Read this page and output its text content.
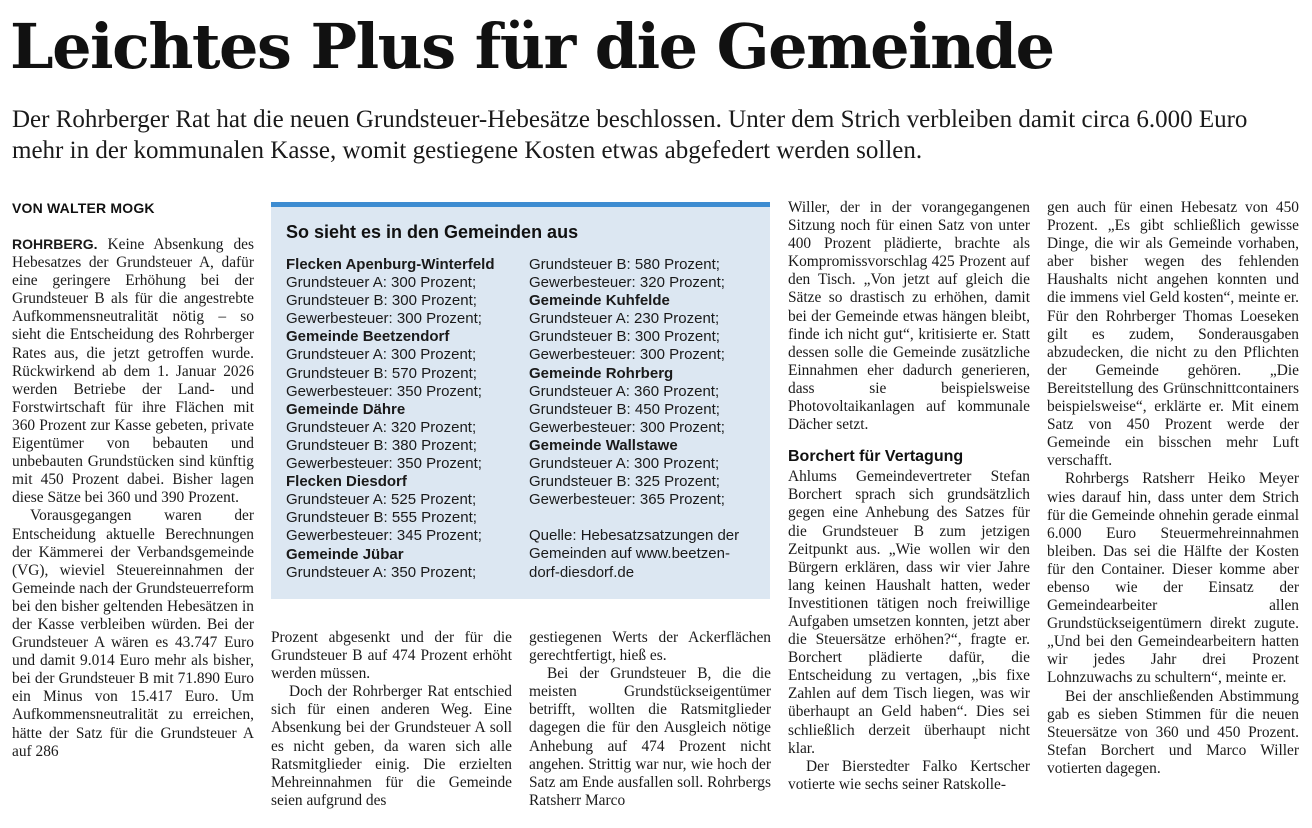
Leichtes Plus für die Gemeinde

Der Rohrberger Rat hat die neuen Grundsteuer-Hebesätze beschlossen. Unter dem Strich verbleiben damit circa 6.000 Euro mehr in der kommunalen Kasse, womit gestiegene Kosten etwas abgefedert werden sollen.

VON WALTER MOGK

ROHRBERG. Keine Absenkung des Hebesatzes der Grundsteuer A, dafür eine geringere Erhöhung bei der Grundsteuer B als für die angestrebte Aufkommensneutralität nötig – so sieht die Entscheidung des Rohrberger Rates aus, die jetzt getroffen wurde. Rückwirkend ab dem 1. Januar 2026 werden Betriebe der Land- und Forstwirtschaft für ihre Flächen mit 360 Prozent zur Kasse gebeten, private Eigentümer von bebauten und unbebauten Grundstücken sind künftig mit 450 Prozent dabei. Bisher lagen diese Sätze bei 360 und 390 Prozent.

Vorausgegangen waren der Entscheidung aktuelle Berechnungen der Kämmerei der Verbandsgemeinde (VG), wieviel Steuereinnahmen der Gemeinde nach der Grundsteuerreform bei den bisher geltenden Hebesätzen in der Kasse verbleiben würden. Bei der Grundsteuer A wären es 43.747 Euro und damit 9.014 Euro mehr als bisher, bei der Grundsteuer B mit 71.890 Euro ein Minus von 15.417 Euro. Um Aufkommensneutralität zu erreichen, hätte der Satz für die Grundsteuer A auf 286

So sieht es in den Gemeinden aus
Flecken Apenburg-Winterfeld
Grundsteuer A: 300 Prozent;
Grundsteuer B: 300 Prozent;
Gewerbesteuer: 300 Prozent;
Gemeinde Beetzendorf
Grundsteuer A: 300 Prozent;
Grundsteuer B: 570 Prozent;
Gewerbesteuer: 350 Prozent;
Gemeinde Dähre
Grundsteuer A: 320 Prozent;
Grundsteuer B: 380 Prozent;
Gewerbesteuer: 350 Prozent;
Flecken Diesdorf
Grundsteuer A: 525 Prozent;
Grundsteuer B: 555 Prozent;
Gewerbesteuer: 345 Prozent;
Gemeinde Jübar
Grundsteuer A: 350 Prozent;
Grundsteuer B: 580 Prozent;
Gewerbesteuer: 320 Prozent;
Gemeinde Kuhfelde
Grundsteuer A: 230 Prozent;
Grundsteuer B: 300 Prozent;
Gewerbesteuer: 300 Prozent;
Gemeinde Rohrberg
Grundsteuer A: 360 Prozent;
Grundsteuer B: 450 Prozent;
Gewerbesteuer: 300 Prozent;
Gemeinde Wallstawe
Grundsteuer A: 300 Prozent;
Grundsteuer B: 325 Prozent;
Gewerbesteuer: 365 Prozent;
Quelle: Hebesatzsatzungen der
Gemeinden auf www.beetzen-
dorf-diesdorf.de

Prozent abgesenkt und der für die Grundsteuer B auf 474 Prozent erhöht werden müssen.

Doch der Rohrberger Rat entschied sich für einen anderen Weg. Eine Absenkung bei der Grundsteuer A soll es nicht geben, da waren sich alle Ratsmitglieder einig. Die erzielten Mehreinnahmen für die Gemeinde seien aufgrund des

gestiegenen Werts der Ackerflächen gerechtfertigt, hieß es.

Bei der Grundsteuer B, die die meisten Grundstückseigentümer betrifft, wollten die Ratsmitglieder dagegen die für den Ausgleich nötige Anhebung auf 474 Prozent nicht angehen. Strittig war nur, wie hoch der Satz am Ende ausfallen soll. Rohrbergs Ratsherr Marco

Willer, der in der vorangegangenen Sitzung noch für einen Satz von unter 400 Prozent plädierte, brachte als Kompromissvorschlag 425 Prozent auf den Tisch. „Von jetzt auf gleich die Sätze so drastisch zu erhöhen, damit bei der Gemeinde etwas hängen bleibt, finde ich nicht gut“, kritisierte er. Statt dessen solle die Gemeinde zusätzliche Einnahmen eher dadurch generieren, dass sie beispielsweise Photovoltaikanlagen auf kommunale Dächer setzt.

Borchert für Vertagung

Ahlums Gemeindevertreter Stefan Borchert sprach sich grundsätzlich gegen eine Anhebung des Satzes für die Grundsteuer B zum jetzigen Zeitpunkt aus. „Wie wollen wir den Bürgern erklären, dass wir vier Jahre lang keinen Haushalt hatten, weder Investitionen tätigen noch freiwillige Aufgaben umsetzen konnten, jetzt aber die Steuersätze erhöhen?“, fragte er. Borchert plädierte dafür, die Entscheidung zu vertagen, „bis fixe Zahlen auf dem Tisch liegen, was wir überhaupt an Geld haben“. Dies sei schließlich derzeit überhaupt nicht klar.

Der Bierstedter Falko Kertscher votierte wie sechs seiner Ratskolle-

gen auch für einen Hebesatz von 450 Prozent. „Es gibt schließlich gewisse Dinge, die wir als Gemeinde vorhaben, aber bisher wegen des fehlenden Haushalts nicht angehen konnten und die immens viel Geld kosten“, meinte er. Für den Rohrberger Thomas Loeseken gilt es zudem, Sonderausgaben abzudecken, die nicht zu den Pflichten der Gemeinde gehören. „Die Bereitstellung des Grünschnittcontainers beispielsweise“, erklärte er. Mit einem Satz von 450 Prozent werde der Gemeinde ein bisschen mehr Luft verschafft.

Rohrbergs Ratsherr Heiko Meyer wies darauf hin, dass unter dem Strich für die Gemeinde ohnehin gerade einmal 6.000 Euro Steuermehreinnahmen bleiben. Das sei die Hälfte der Kosten für den Container. Dieser komme aber ebenso wie der Einsatz der Gemeindearbeiter allen Grundstückseigentümern direkt zugute. „Und bei den Gemeindearbeitern hatten wir jedes Jahr drei Prozent Lohnzuwachs zu schultern“, meinte er.

Bei der anschließenden Abstimmung gab es sieben Stimmen für die neuen Steuersätze von 360 und 450 Prozent. Stefan Borchert und Marco Willer votierten dagegen.
